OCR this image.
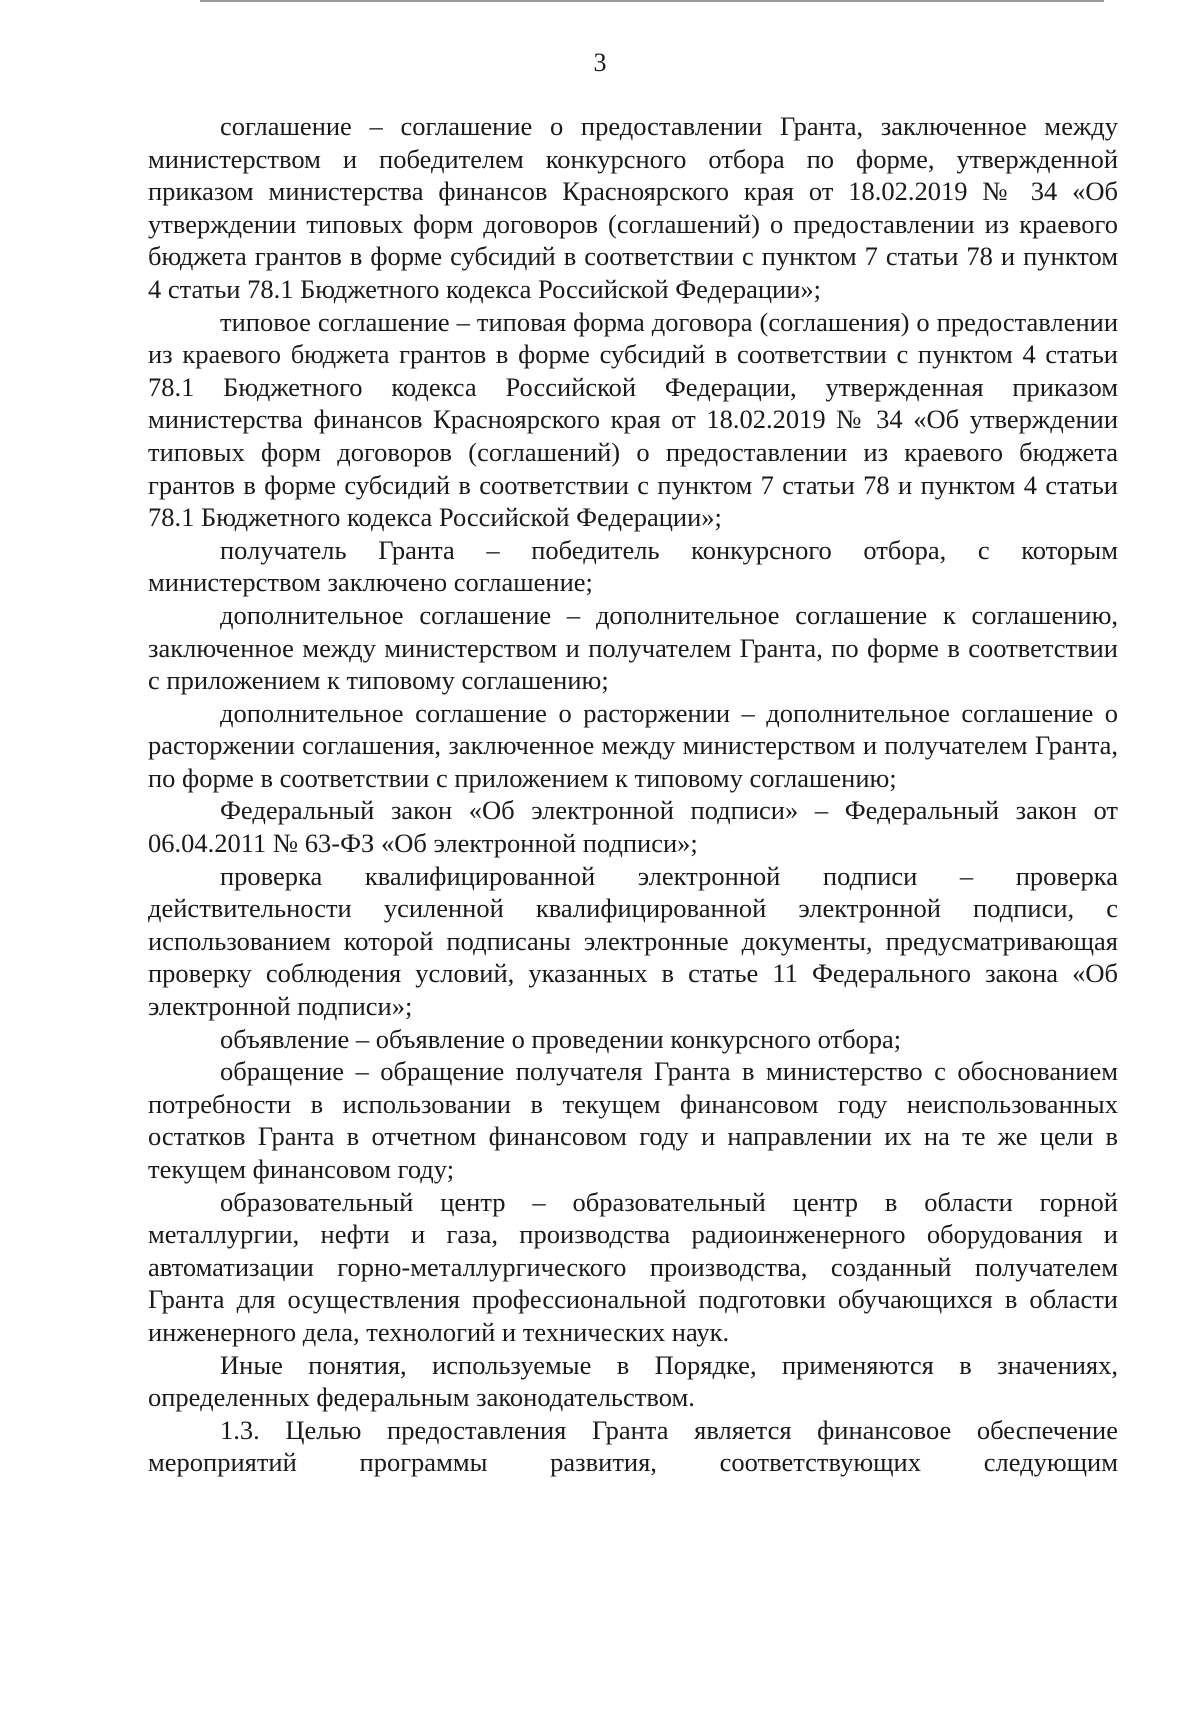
3

соглашение – соглашение о предоставлении Гранта, заключенное между министерством и победителем конкурсного отбора по форме, утвержденной приказом министерства финансов Красноярского края от 18.02.2019 № 34 «Об утверждении типовых форм договоров (соглашений) о предоставлении из краевого бюджета грантов в форме субсидий в соответствии с пунктом 7 статьи 78 и пунктом 4 статьи 78.1 Бюджетного кодекса Российской Федерации»;

типовое соглашение – типовая форма договора (соглашения) о предоставлении из краевого бюджета грантов в форме субсидий в соответствии с пунктом 4 статьи 78.1 Бюджетного кодекса Российской Федерации, утвержденная приказом министерства финансов Красноярского края от 18.02.2019 № 34 «Об утверждении типовых форм договоров (соглашений) о предоставлении из краевого бюджета грантов в форме субсидий в соответствии с пунктом 7 статьи 78 и пунктом 4 статьи 78.1 Бюджетного кодекса Российской Федерации»;

получатель Гранта – победитель конкурсного отбора, с которым министерством заключено соглашение;

дополнительное соглашение – дополнительное соглашение к соглашению, заключенное между министерством и получателем Гранта, по форме в соответствии с приложением к типовому соглашению;

дополнительное соглашение о расторжении – дополнительное соглашение о расторжении соглашения, заключенное между министерством и получателем Гранта, по форме в соответствии с приложением к типовому соглашению;

Федеральный закон «Об электронной подписи» – Федеральный закон от 06.04.2011 № 63-ФЗ «Об электронной подписи»;

проверка квалифицированной электронной подписи – проверка действительности усиленной квалифицированной электронной подписи, с использованием которой подписаны электронные документы, предусматривающая проверку соблюдения условий, указанных в статье 11 Федерального закона «Об электронной подписи»;

объявление – объявление о проведении конкурсного отбора;

обращение – обращение получателя Гранта в министерство с обоснованием потребности в использовании в текущем финансовом году неиспользованных остатков Гранта в отчетном финансовом году и направлении их на те же цели в текущем финансовом году;

образовательный центр – образовательный центр в области горной металлургии, нефти и газа, производства радиоинженерного оборудования и автоматизации горно-металлургического производства, созданный получателем Гранта для осуществления профессиональной подготовки обучающихся в области инженерного дела, технологий и технических наук.

Иные понятия, используемые в Порядке, применяются в значениях, определенных федеральным законодательством.

1.3. Целью предоставления Гранта является финансовое обеспечение мероприятий программы развития, соответствующих следующим
